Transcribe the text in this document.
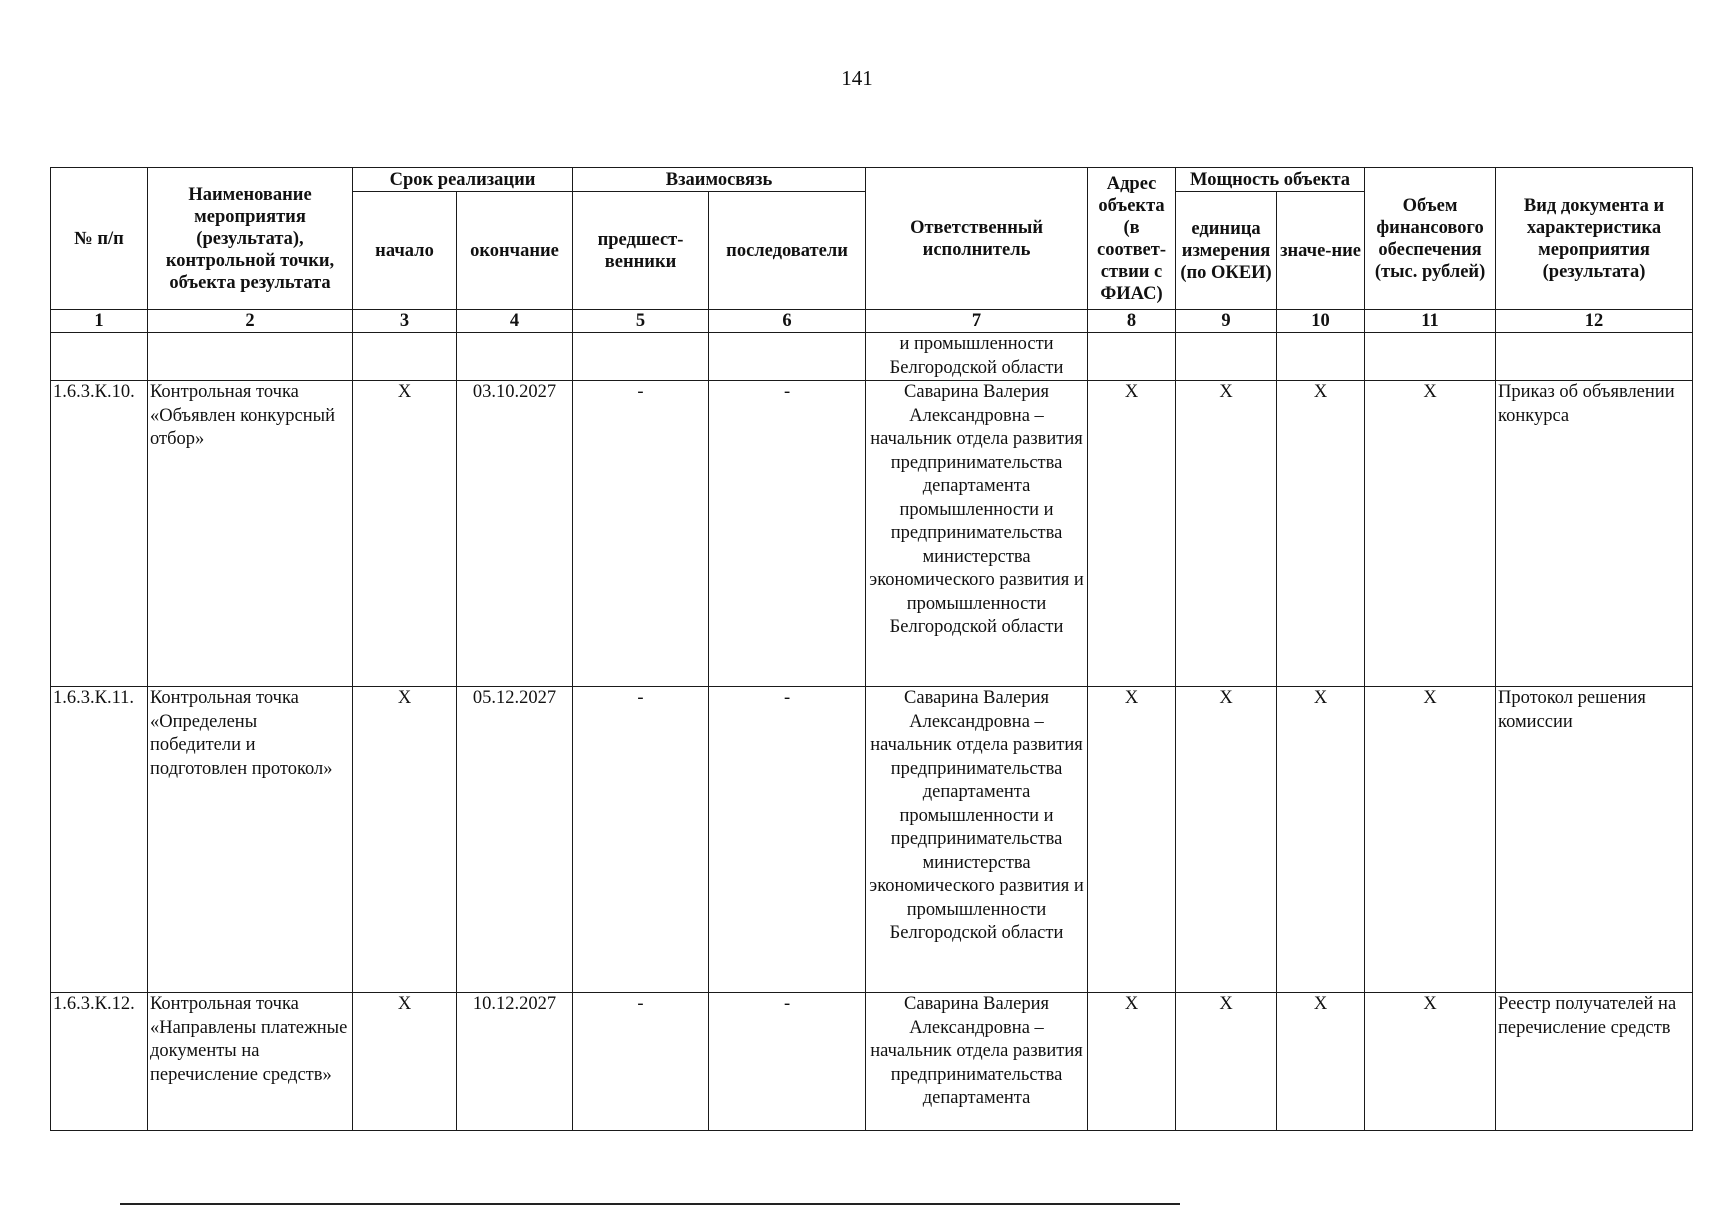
141
№ п/п	Наименование мероприятия (результата), контрольной точки, объекта результата	Срок реализации		Взаимосвязь		Ответственный исполнитель	Адрес объекта (в соответ-ствии с ФИАС)	Мощность объекта		Объем финансового обеспечения (тыс. рублей)	Вид документа и характеристика мероприятия (результата)
		начало	окончание	предшест-венники	последователи			единица измерения (по ОКЕИ)	значе-ние		
1	2	3	4	5	6	7	8	9	10	11	12
						и промышленности Белгородской области					
1.6.3.К.10.	Контрольная точка «Объявлен конкурсный отбор»	Х	03.10.2027	-	-	Саварина Валерия Александровна – начальник отдела развития предпринимательства департамента промышленности и предпринимательства министерства экономического развития и промышленности Белгородской области	Х	Х	Х	Х	Приказ об объявлении конкурса
1.6.3.К.11.	Контрольная точка «Определены победители и подготовлен протокол»	Х	05.12.2027	-	-	Саварина Валерия Александровна – начальник отдела развития предпринимательства департамента промышленности и предпринимательства министерства экономического развития и промышленности Белгородской области	Х	Х	Х	Х	Протокол решения комиссии
1.6.3.К.12.	Контрольная точка «Направлены платежные документы на перечисление средств»	Х	10.12.2027	-	-	Саварина Валерия Александровна – начальник отдела развития предпринимательства департамента	Х	Х	Х	Х	Реестр получателей на перечисление средств
